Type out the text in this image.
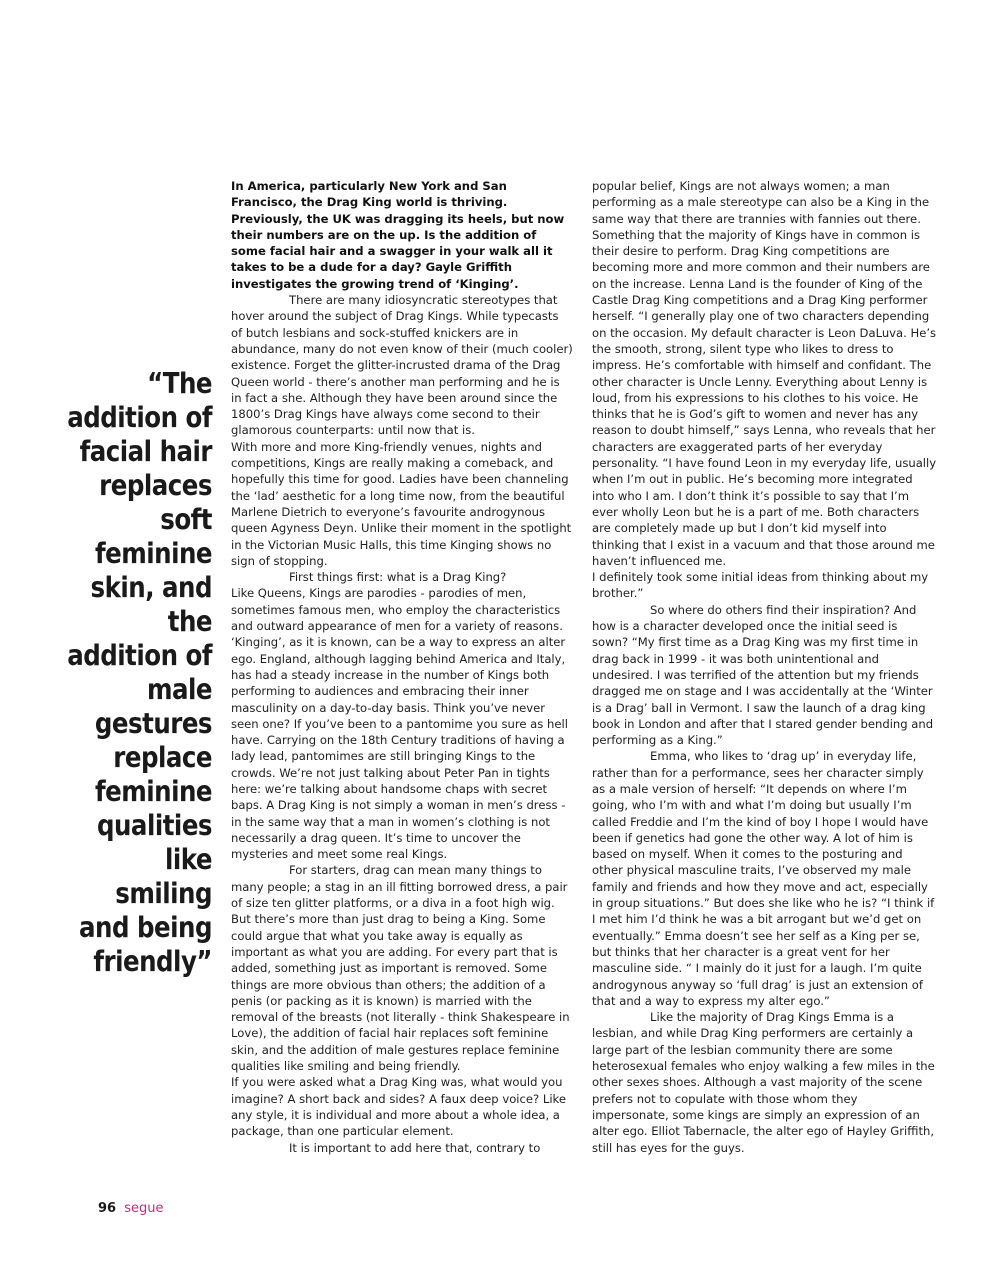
“The addition of facial hair replaces soft feminine skin, and the addition of male gestures replace feminine qualities like smiling and being friendly”

In America, particularly New York and San Francisco, the Drag King world is thriving. Previously, the UK was dragging its heels, but now their numbers are on the up. Is the addition of some facial hair and a swagger in your walk all it takes to be a dude for a day? Gayle Griffith investigates the growing trend of ‘Kinging’.

There are many idiosyncratic stereotypes that hover around the subject of Drag Kings. While typecasts of butch lesbians and sock-stuffed knickers are in abundance, many do not even know of their (much cooler) existence. Forget the glitter-incrusted drama of the Drag Queen world - there’s another man performing and he is in fact a she. Although they have been around since the 1800’s Drag Kings have always come second to their glamorous counterparts: until now that is.

With more and more King-friendly venues, nights and competitions, Kings are really making a comeback, and hopefully this time for good. Ladies have been channeling the ‘lad’ aesthetic for a long time now, from the beautiful Marlene Dietrich to everyone’s favourite androgynous queen Agyness Deyn. Unlike their moment in the spotlight in the Victorian Music Halls, this time Kinging shows no sign of stopping.

First things first: what is a Drag King?

Like Queens, Kings are parodies - parodies of men, sometimes famous men, who employ the characteristics and outward appearance of men for a variety of reasons. ‘Kinging’, as it is known, can be a way to express an alter ego. England, although lagging behind America and Italy, has had a steady increase in the number of Kings both performing to audiences and embracing their inner masculinity on a day-to-day basis. Think you’ve never seen one? If you’ve been to a pantomime you sure as hell have. Carrying on the 18th Century traditions of having a lady lead, pantomimes are still bringing Kings to the crowds. We’re not just talking about Peter Pan in tights here: we’re talking about handsome chaps with secret baps. A Drag King is not simply a woman in men’s dress - in the same way that a man in women’s clothing is not necessarily a drag queen. It’s time to uncover the mysteries and meet some real Kings.

For starters, drag can mean many things to many people; a stag in an ill fitting borrowed dress, a pair of size ten glitter platforms, or a diva in a foot high wig. But there’s more than just drag to being a King. Some could argue that what you take away is equally as important as what you are adding. For every part that is added, something just as important is removed. Some things are more obvious than others; the addition of a penis (or packing as it is known) is married with the removal of the breasts (not literally - think Shakespeare in Love), the addition of facial hair replaces soft feminine skin, and the addition of male gestures replace feminine qualities like smiling and being friendly.

If you were asked what a Drag King was, what would you imagine? A short back and sides? A faux deep voice? Like any style, it is individual and more about a whole idea, a package, than one particular element.

It is important to add here that, contrary to

popular belief, Kings are not always women; a man performing as a male stereotype can also be a King in the same way that there are trannies with fannies out there. Something that the majority of Kings have in common is their desire to perform. Drag King competitions are becoming more and more common and their numbers are on the increase. Lenna Land is the founder of King of the Castle Drag King competitions and a Drag King performer herself. “I generally play one of two characters depending on the occasion. My default character is Leon DaLuva. He’s the smooth, strong, silent type who likes to dress to impress. He’s comfortable with himself and confidant. The other character is Uncle Lenny. Everything about Lenny is loud, from his expressions to his clothes to his voice. He thinks that he is God’s gift to women and never has any reason to doubt himself,” says Lenna, who reveals that her characters are exaggerated parts of her everyday personality. “I have found Leon in my everyday life, usually when I’m out in public. He’s becoming more integrated into who I am. I don’t think it’s possible to say that I’m ever wholly Leon but he is a part of me. Both characters are completely made up but I don’t kid myself into thinking that I exist in a vacuum and that those around me haven’t influenced me.

I definitely took some initial ideas from thinking about my brother.”

So where do others find their inspiration? And how is a character developed once the initial seed is sown? “My first time as a Drag King was my first time in drag back in 1999 - it was both unintentional and undesired. I was terrified of the attention but my friends dragged me on stage and I was accidentally at the ‘Winter is a Drag’ ball in Vermont. I saw the launch of a drag king book in London and after that I stared gender bending and performing as a King.”

Emma, who likes to ‘drag up’ in everyday life, rather than for a performance, sees her character simply as a male version of herself: “It depends on where I’m going, who I’m with and what I’m doing but usually I’m called Freddie and I’m the kind of boy I hope I would have been if genetics had gone the other way. A lot of him is based on myself. When it comes to the posturing and other physical masculine traits, I’ve observed my male family and friends and how they move and act, especially in group situations.” But does she like who he is? “I think if I met him I’d think he was a bit arrogant but we’d get on eventually.” Emma doesn’t see her self as a King per se, but thinks that her character is a great vent for her masculine side. “ I mainly do it just for a laugh. I’m quite androgynous anyway so ‘full drag’ is just an extension of that and a way to express my alter ego.”

Like the majority of Drag Kings Emma is a lesbian, and while Drag King performers are certainly a large part of the lesbian community there are some heterosexual females who enjoy walking a few miles in the other sexes shoes. Although a vast majority of the scene prefers not to copulate with those whom they impersonate, some kings are simply an expression of an alter ego. Elliot Tabernacle, the alter ego of Hayley Griffith, still has eyes for the guys.

96 segue
